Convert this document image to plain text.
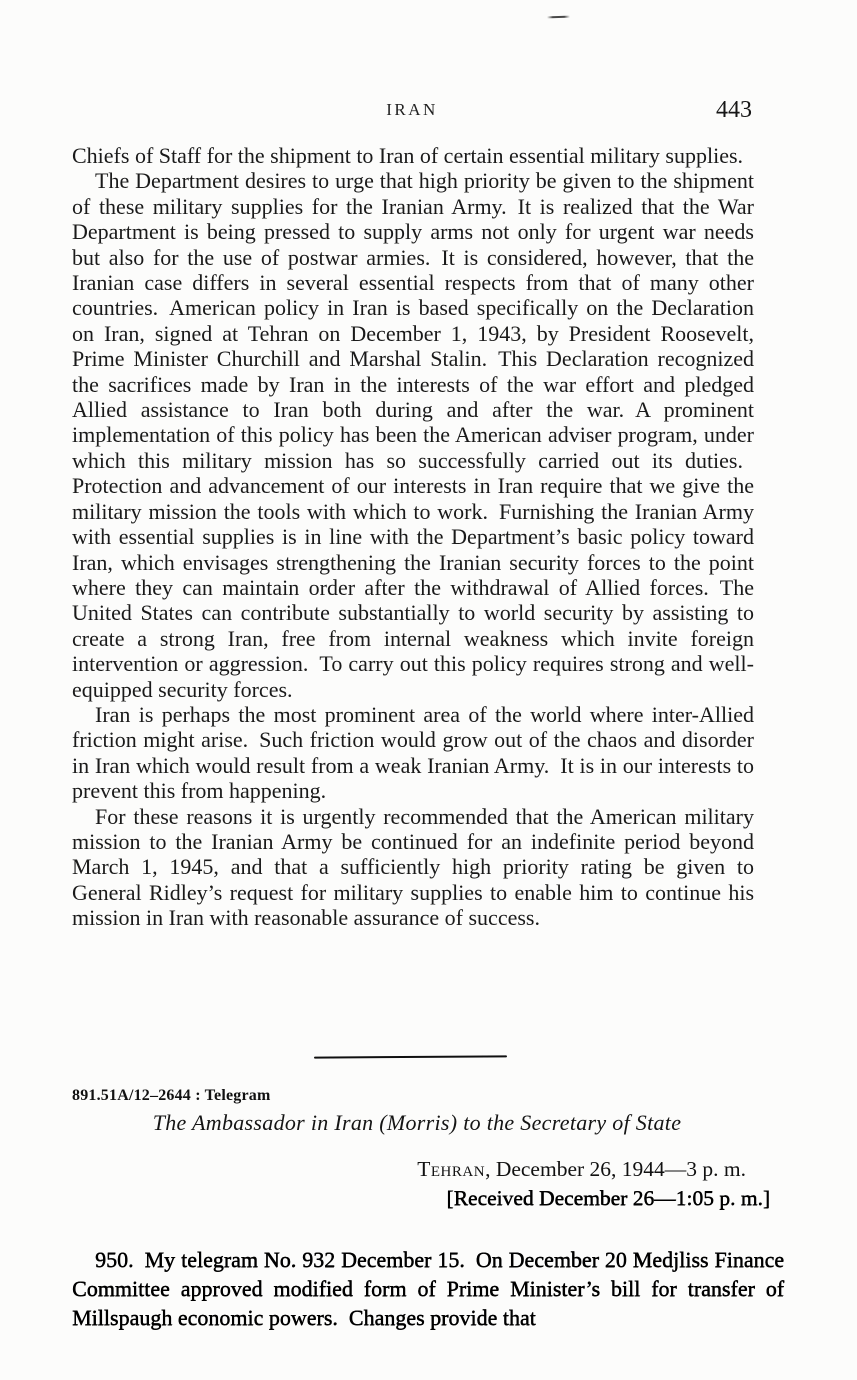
IRAN	443

Chiefs of Staff for the shipment to Iran of certain essential military supplies.

The Department desires to urge that high priority be given to the shipment of these military supplies for the Iranian Army. It is realized that the War Department is being pressed to supply arms not only for urgent war needs but also for the use of postwar armies. It is considered, however, that the Iranian case differs in several essential respects from that of many other countries. American policy in Iran is based specifically on the Declaration on Iran, signed at Tehran on December 1, 1943, by President Roosevelt, Prime Minister Churchill and Marshal Stalin. This Declaration recognized the sacrifices made by Iran in the interests of the war effort and pledged Allied assistance to Iran both during and after the war. A prominent implementation of this policy has been the American adviser program, under which this military mission has so successfully carried out its duties. Protection and advancement of our interests in Iran require that we give the military mission the tools with which to work. Furnishing the Iranian Army with essential supplies is in line with the Department’s basic policy toward Iran, which envisages strengthening the Iranian security forces to the point where they can maintain order after the withdrawal of Allied forces. The United States can contribute substantially to world security by assisting to create a strong Iran, free from internal weakness which invite foreign intervention or aggression. To carry out this policy requires strong and well-equipped security forces.

Iran is perhaps the most prominent area of the world where inter-Allied friction might arise. Such friction would grow out of the chaos and disorder in Iran which would result from a weak Iranian Army. It is in our interests to prevent this from happening.

For these reasons it is urgently recommended that the American military mission to the Iranian Army be continued for an indefinite period beyond March 1, 1945, and that a sufficiently high priority rating be given to General Ridley’s request for military supplies to enable him to continue his mission in Iran with reasonable assurance of success.

891.51A/12–2644 : Telegram
The Ambassador in Iran (Morris) to the Secretary of State
Tehran, December 26, 1944—3 p. m.
[Received December 26—1:05 p. m.]

950. My telegram No. 932 December 15. On December 20 Medjliss Finance Committee approved modified form of Prime Minister’s bill for transfer of Millspaugh economic powers. Changes provide that
